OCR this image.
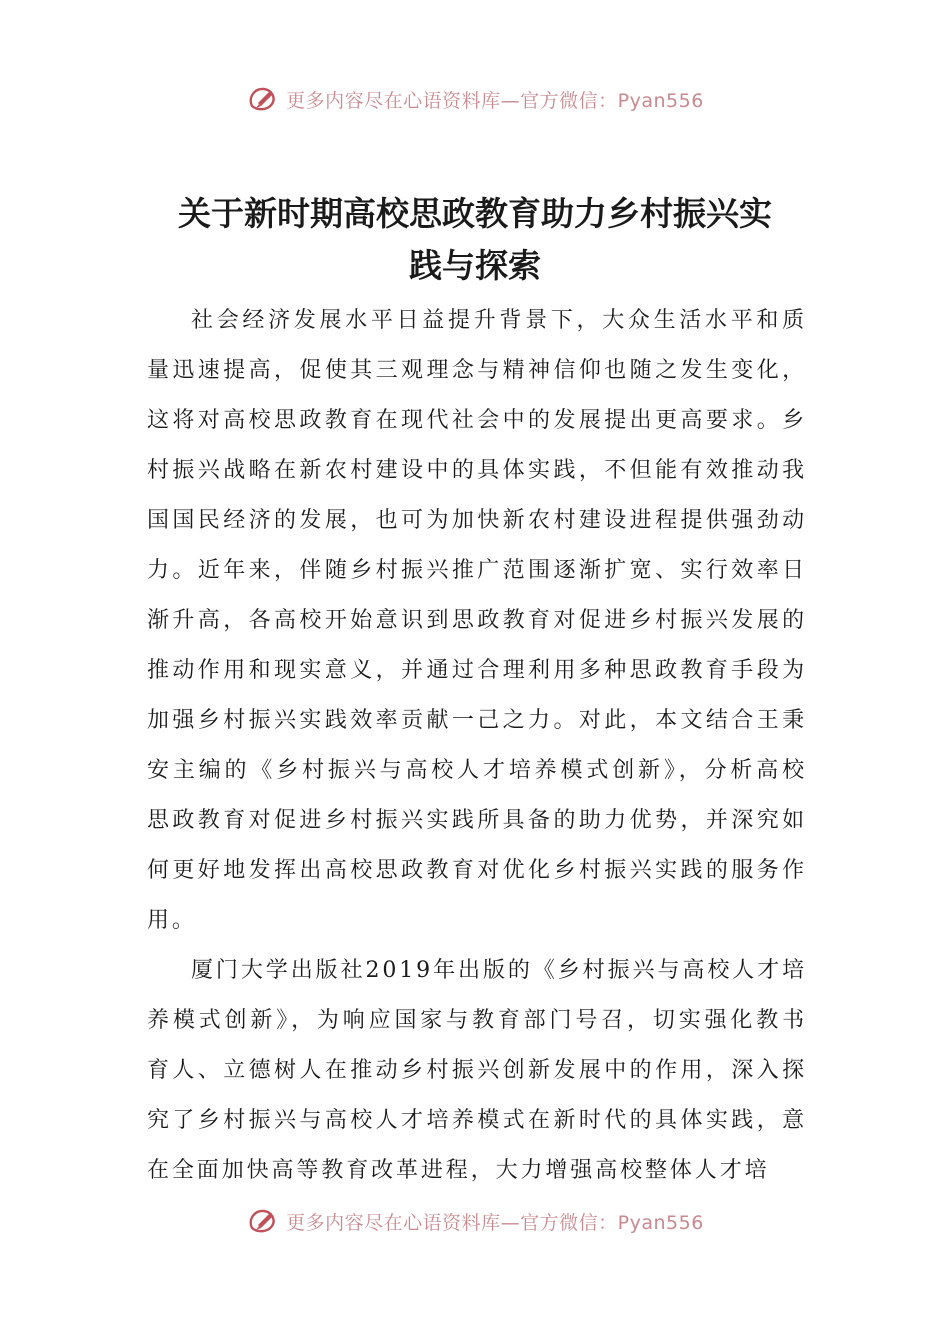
更多内容尽在心语资料库—官方微信：Pyan556
关于新时期高校思政教育助力乡村振兴实
践与探索

社会经济发展水平日益提升背景下，大众生活水平和质量迅速提高，促使其三观理念与精神信仰也随之发生变化，这将对高校思政教育在现代社会中的发展提出更高要求。乡村振兴战略在新农村建设中的具体实践，不但能有效推动我国国民经济的发展，也可为加快新农村建设进程提供强劲动力。近年来，伴随乡村振兴推广范围逐渐扩宽、实行效率日渐升高，各高校开始意识到思政教育对促进乡村振兴发展的推动作用和现实意义，并通过合理利用多种思政教育手段为加强乡村振兴实践效率贡献一己之力。对此，本文结合王秉安主编的《乡村振兴与高校人才培养模式创新》，分析高校思政教育对促进乡村振兴实践所具备的助力优势，并深究如何更好地发挥出高校思政教育对优化乡村振兴实践的服务作用。

厦门大学出版社2019年出版的《乡村振兴与高校人才培养模式创新》，为响应国家与教育部门号召，切实强化教书育人、立德树人在推动乡村振兴创新发展中的作用，深入探究了乡村振兴与高校人才培养模式在新时代的具体实践，意在全面加快高等教育改革进程，大力增强高校整体人才培

更多内容尽在心语资料库—官方微信：Pyan556
